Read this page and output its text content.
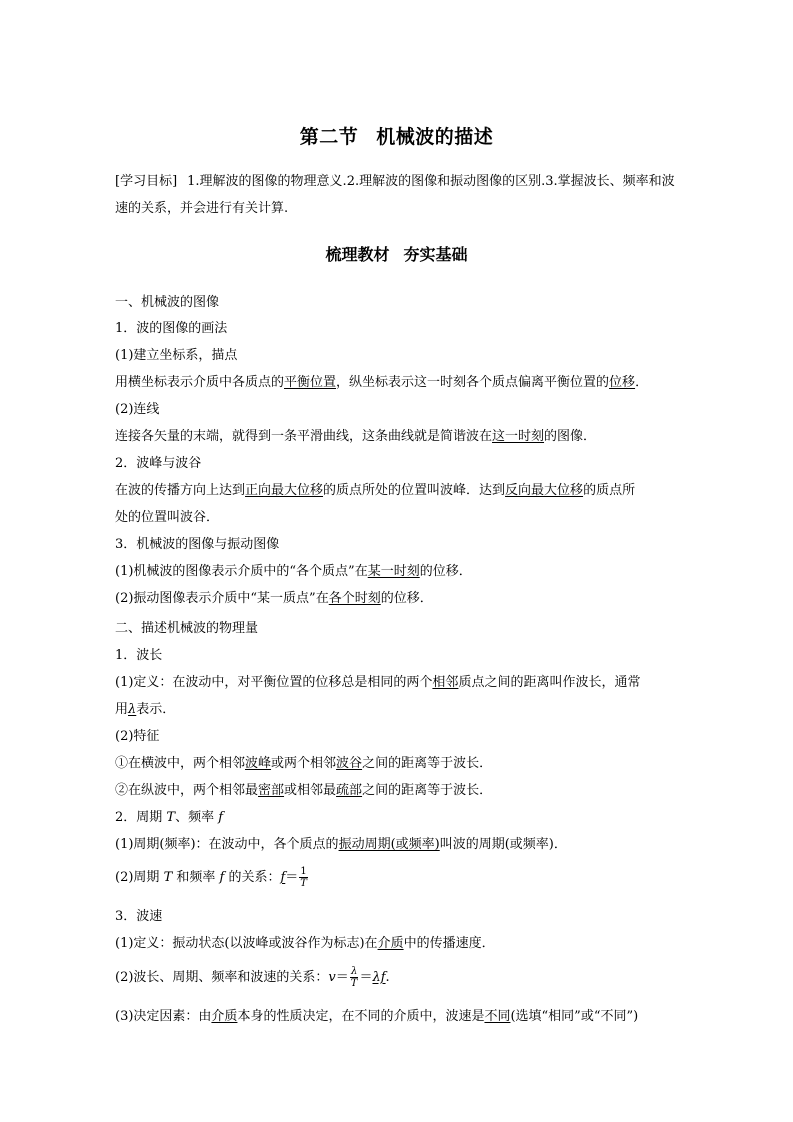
第二节 机械波的描述
[学习目标] 1.理解波的图像的物理意义.2.理解波的图像和振动图像的区别.3.掌握波长、频率和波速的关系，并会进行有关计算.
梳理教材 夯实基础
一、机械波的图像
1．波的图像的画法
(1)建立坐标系，描点
用横坐标表示介质中各质点的平衡位置，纵坐标表示这一时刻各个质点偏离平衡位置的位移．
(2)连线
连接各矢量的末端，就得到一条平滑曲线，这条曲线就是简谐波在这一时刻的图像．
2．波峰与波谷
在波的传播方向上达到正向最大位移的质点所处的位置叫波峰．达到反向最大位移的质点所
处的位置叫波谷．
3．机械波的图像与振动图像
(1)机械波的图像表示介质中的“各个质点”在某一时刻的位移．
(2)振动图像表示介质中“某一质点”在各个时刻的位移．
二、描述机械波的物理量
1．波长
(1)定义：在波动中，对平衡位置的位移总是相同的两个相邻质点之间的距离叫作波长，通常
用λ表示．
(2)特征
①在横波中，两个相邻波峰或两个相邻波谷之间的距离等于波长．
②在纵波中，两个相邻最密部或相邻最疏部之间的距离等于波长．
2．周期 T、频率 f
(1)周期(频率)：在波动中，各个质点的振动周期(或频率)叫波的周期(或频率)．
(2)周期 T 和频率 f 的关系：$f= \frac{1}{T}$
3．波速
(1)定义：振动状态(以波峰或波谷作为标志)在介质中的传播速度．
(2)波长、周期、频率和波速的关系：$v= \frac{\lambda}{T} =\lambda f$.
(3)决定因素：由介质本身的性质决定，在不同的介质中，波速是不同(选填“相同”或“不同”)
